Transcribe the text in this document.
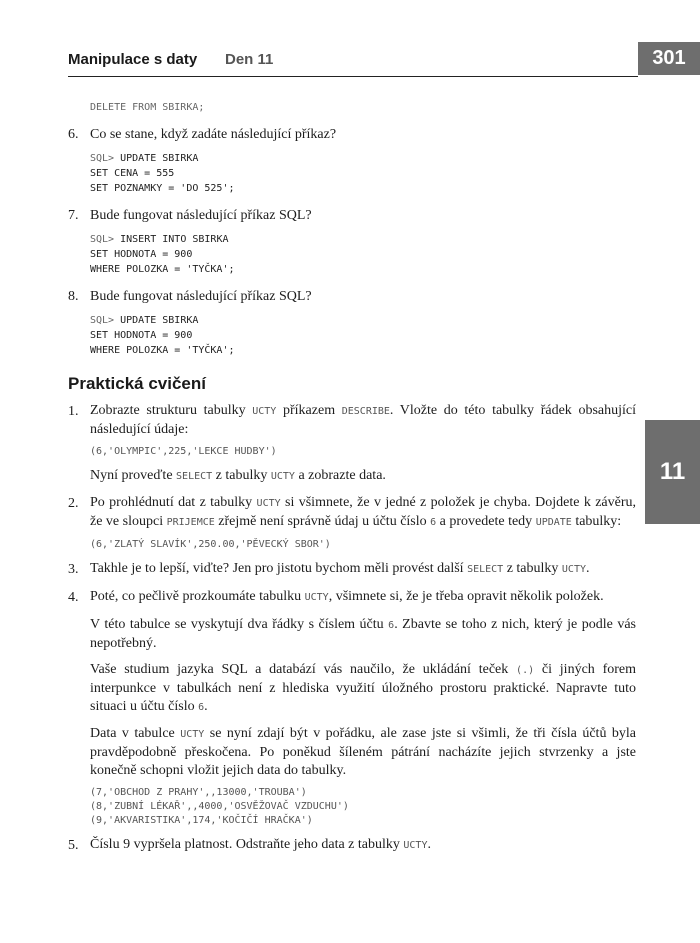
Manipulace s daty Den 11	301
11
DELETE FROM SBIRKA;
6. Co se stane, když zadáte následující příkaz?
SQL> UPDATE SBIRKA
SET CENA = 555
SET POZNAMKY = 'DO 525';
7. Bude fungovat následující příkaz SQL?
SQL> INSERT INTO SBIRKA
SET HODNOTA = 900
WHERE POLOZKA = 'TYČKA';
8. Bude fungovat následující příkaz SQL?
SQL> UPDATE SBIRKA
SET HODNOTA = 900
WHERE POLOZKA = 'TYČKA';
Praktická cvičení
1. Zobrazte strukturu tabulky UCTY příkazem DESCRIBE. Vložte do této tabulky řádek obsahující následující údaje:
(6,'OLYMPIC',225,'LEKCE HUDBY')
Nyní proveďte SELECT z tabulky UCTY a zobrazte data.
2. Po prohlédnutí dat z tabulky UCTY si všimnete, že v jedné z položek je chyba. Dojdete k závěru, že ve sloupci PRIJEMCE zřejmě není správně údaj u účtu číslo 6 a provedete tedy UPDATE tabulky:
(6,'ZLATÝ SLAVÍK',250.00,'PĚVECKÝ SBOR')
3. Takhle je to lepší, viďte? Jen pro jistotu bychom měli provést další SELECT z tabulky UCTY.
4. Poté, co pečlivě prozkoumáte tabulku UCTY, všimnete si, že je třeba opravit několik položek.
V této tabulce se vyskytují dva řádky s číslem účtu 6. Zbavte se toho z nich, který je podle vás nepotřebný.
Vaše studium jazyka SQL a databází vás naučilo, že ukládání teček (.) či jiných forem interpunkce v tabulkách není z hlediska využití úložného prostoru praktické. Napravte tuto situaci u účtu číslo 6.
Data v tabulce UCTY se nyní zdají být v pořádku, ale zase jste si všimli, že tři čísla účtů byla pravděpodobně přeskočena. Po poněkud šíleném pátrání nacházíte jejich stvrzenky a jste konečně schopni vložit jejich data do tabulky.
(7,'OBCHOD Z PRAHY',,13000,'TROUBA')
(8,'ZUBNÍ LÉKAŘ',,4000,'OSVĚŽOVAČ VZDUCHU')
(9,'AKVARISTIKA',174,'KOČIČÍ HRAČKA')
5. Číslu 9 vypršela platnost. Odstraňte jeho data z tabulky UCTY.
